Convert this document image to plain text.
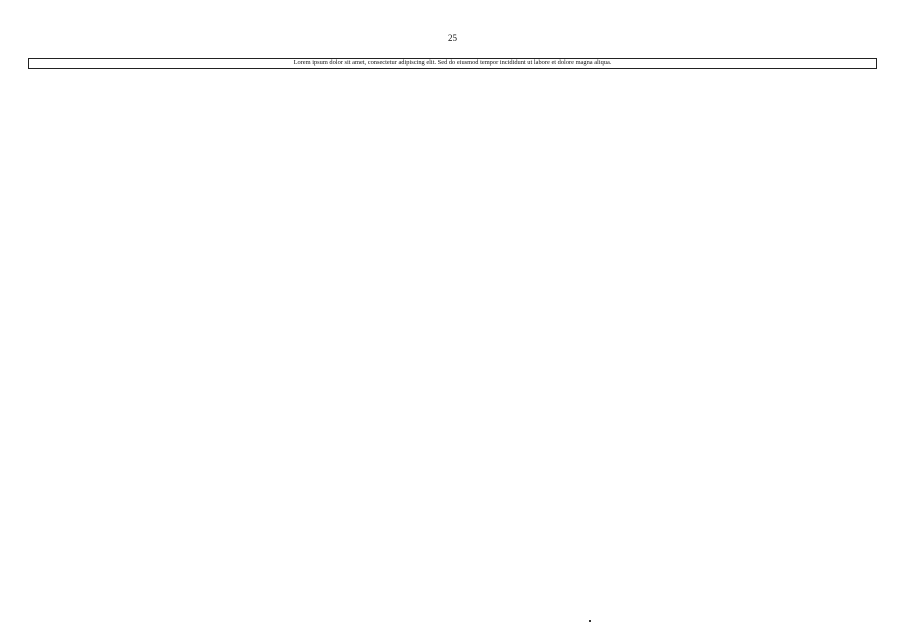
25
Lorem ipsum dolor sit amet, consectetur adipiscing elit. Sed do eiusmod tempor incididunt ut labore et dolore magna aliqua.
